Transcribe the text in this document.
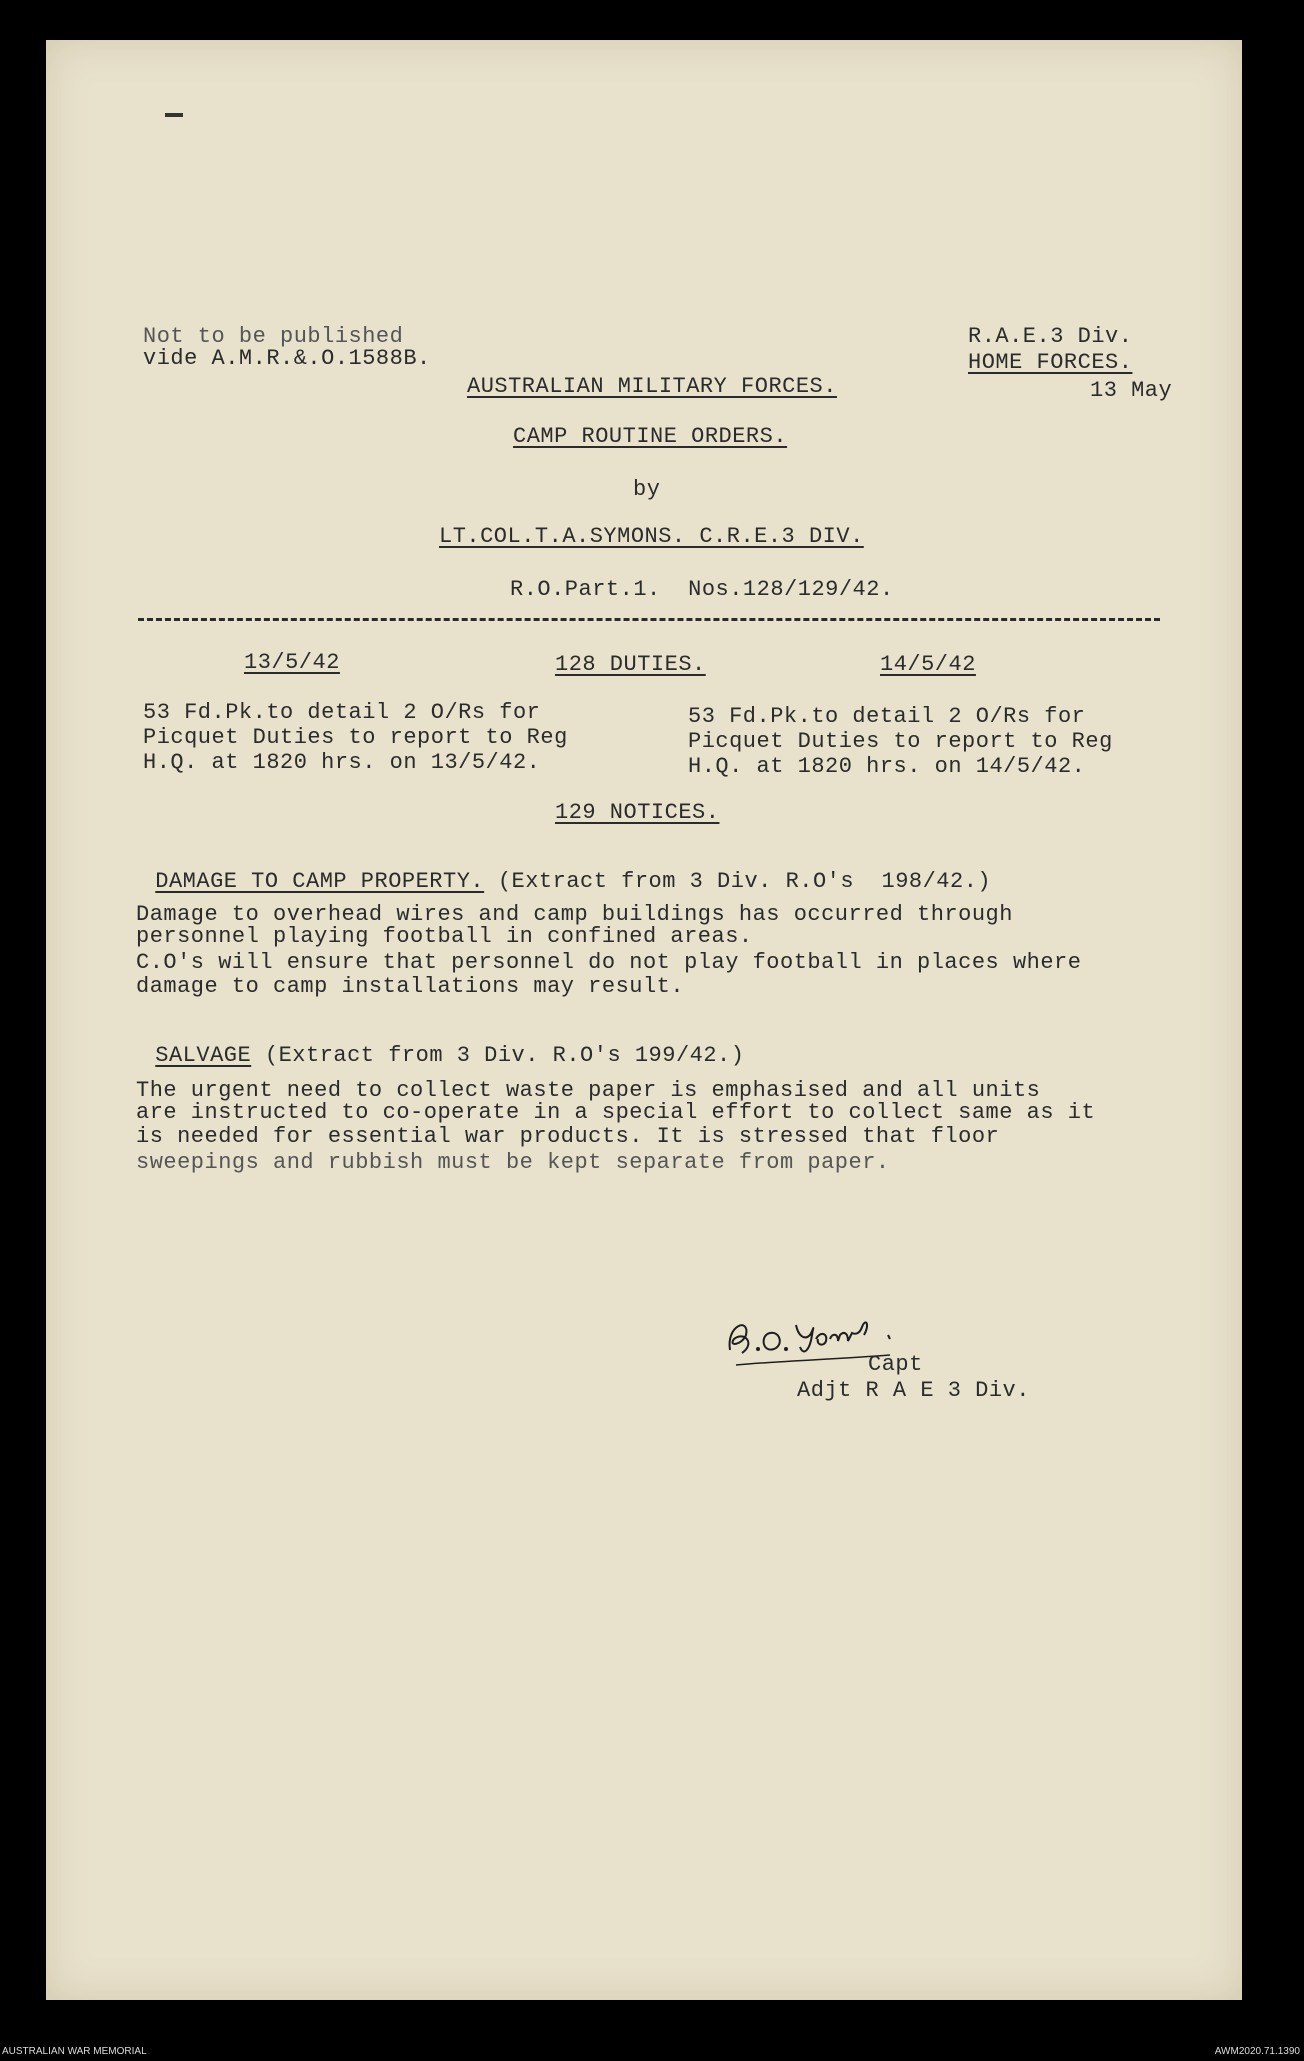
Not to be published
vide A.M.R.&.O.1588B.
R.A.E.3 Div.
HOME FORCES.
13 May
AUSTRALIAN MILITARY FORCES.
CAMP ROUTINE ORDERS.
by
LT.COL.T.A.SYMONS. C.R.E.3 DIV.
R.O.Part.1.  Nos.128/129/42.
13/5/42	128 DUTIES.	14/5/42
53 Fd.Pk.to detail 2 O/Rs for
Picquet Duties to report to Reg
H.Q. at 1820 hrs. on 13/5/42.
53 Fd.Pk.to detail 2 O/Rs for
Picquet Duties to report to Reg
H.Q. at 1820 hrs. on 14/5/42.
129 NOTICES.

DAMAGE TO CAMP PROPERTY. (Extract from 3 Div. R.O's  198/42.)

Damage to overhead wires and camp buildings has occurred through
personnel playing football in confined areas.
C.O's will ensure that personnel do not play football in places where
damage to camp installations may result.

SALVAGE (Extract from 3 Div. R.O's 199/42.)

The urgent need to collect waste paper is emphasised and all units
are instructed to co-operate in a special effort to collect same as it
is needed for essential war products. It is stressed that floor
sweepings and rubbish must be kept separate from paper.
Capt
Adjt R A E 3 Div.
AUSTRALIAN WAR MEMORIAL	AWM2020.71.1390
